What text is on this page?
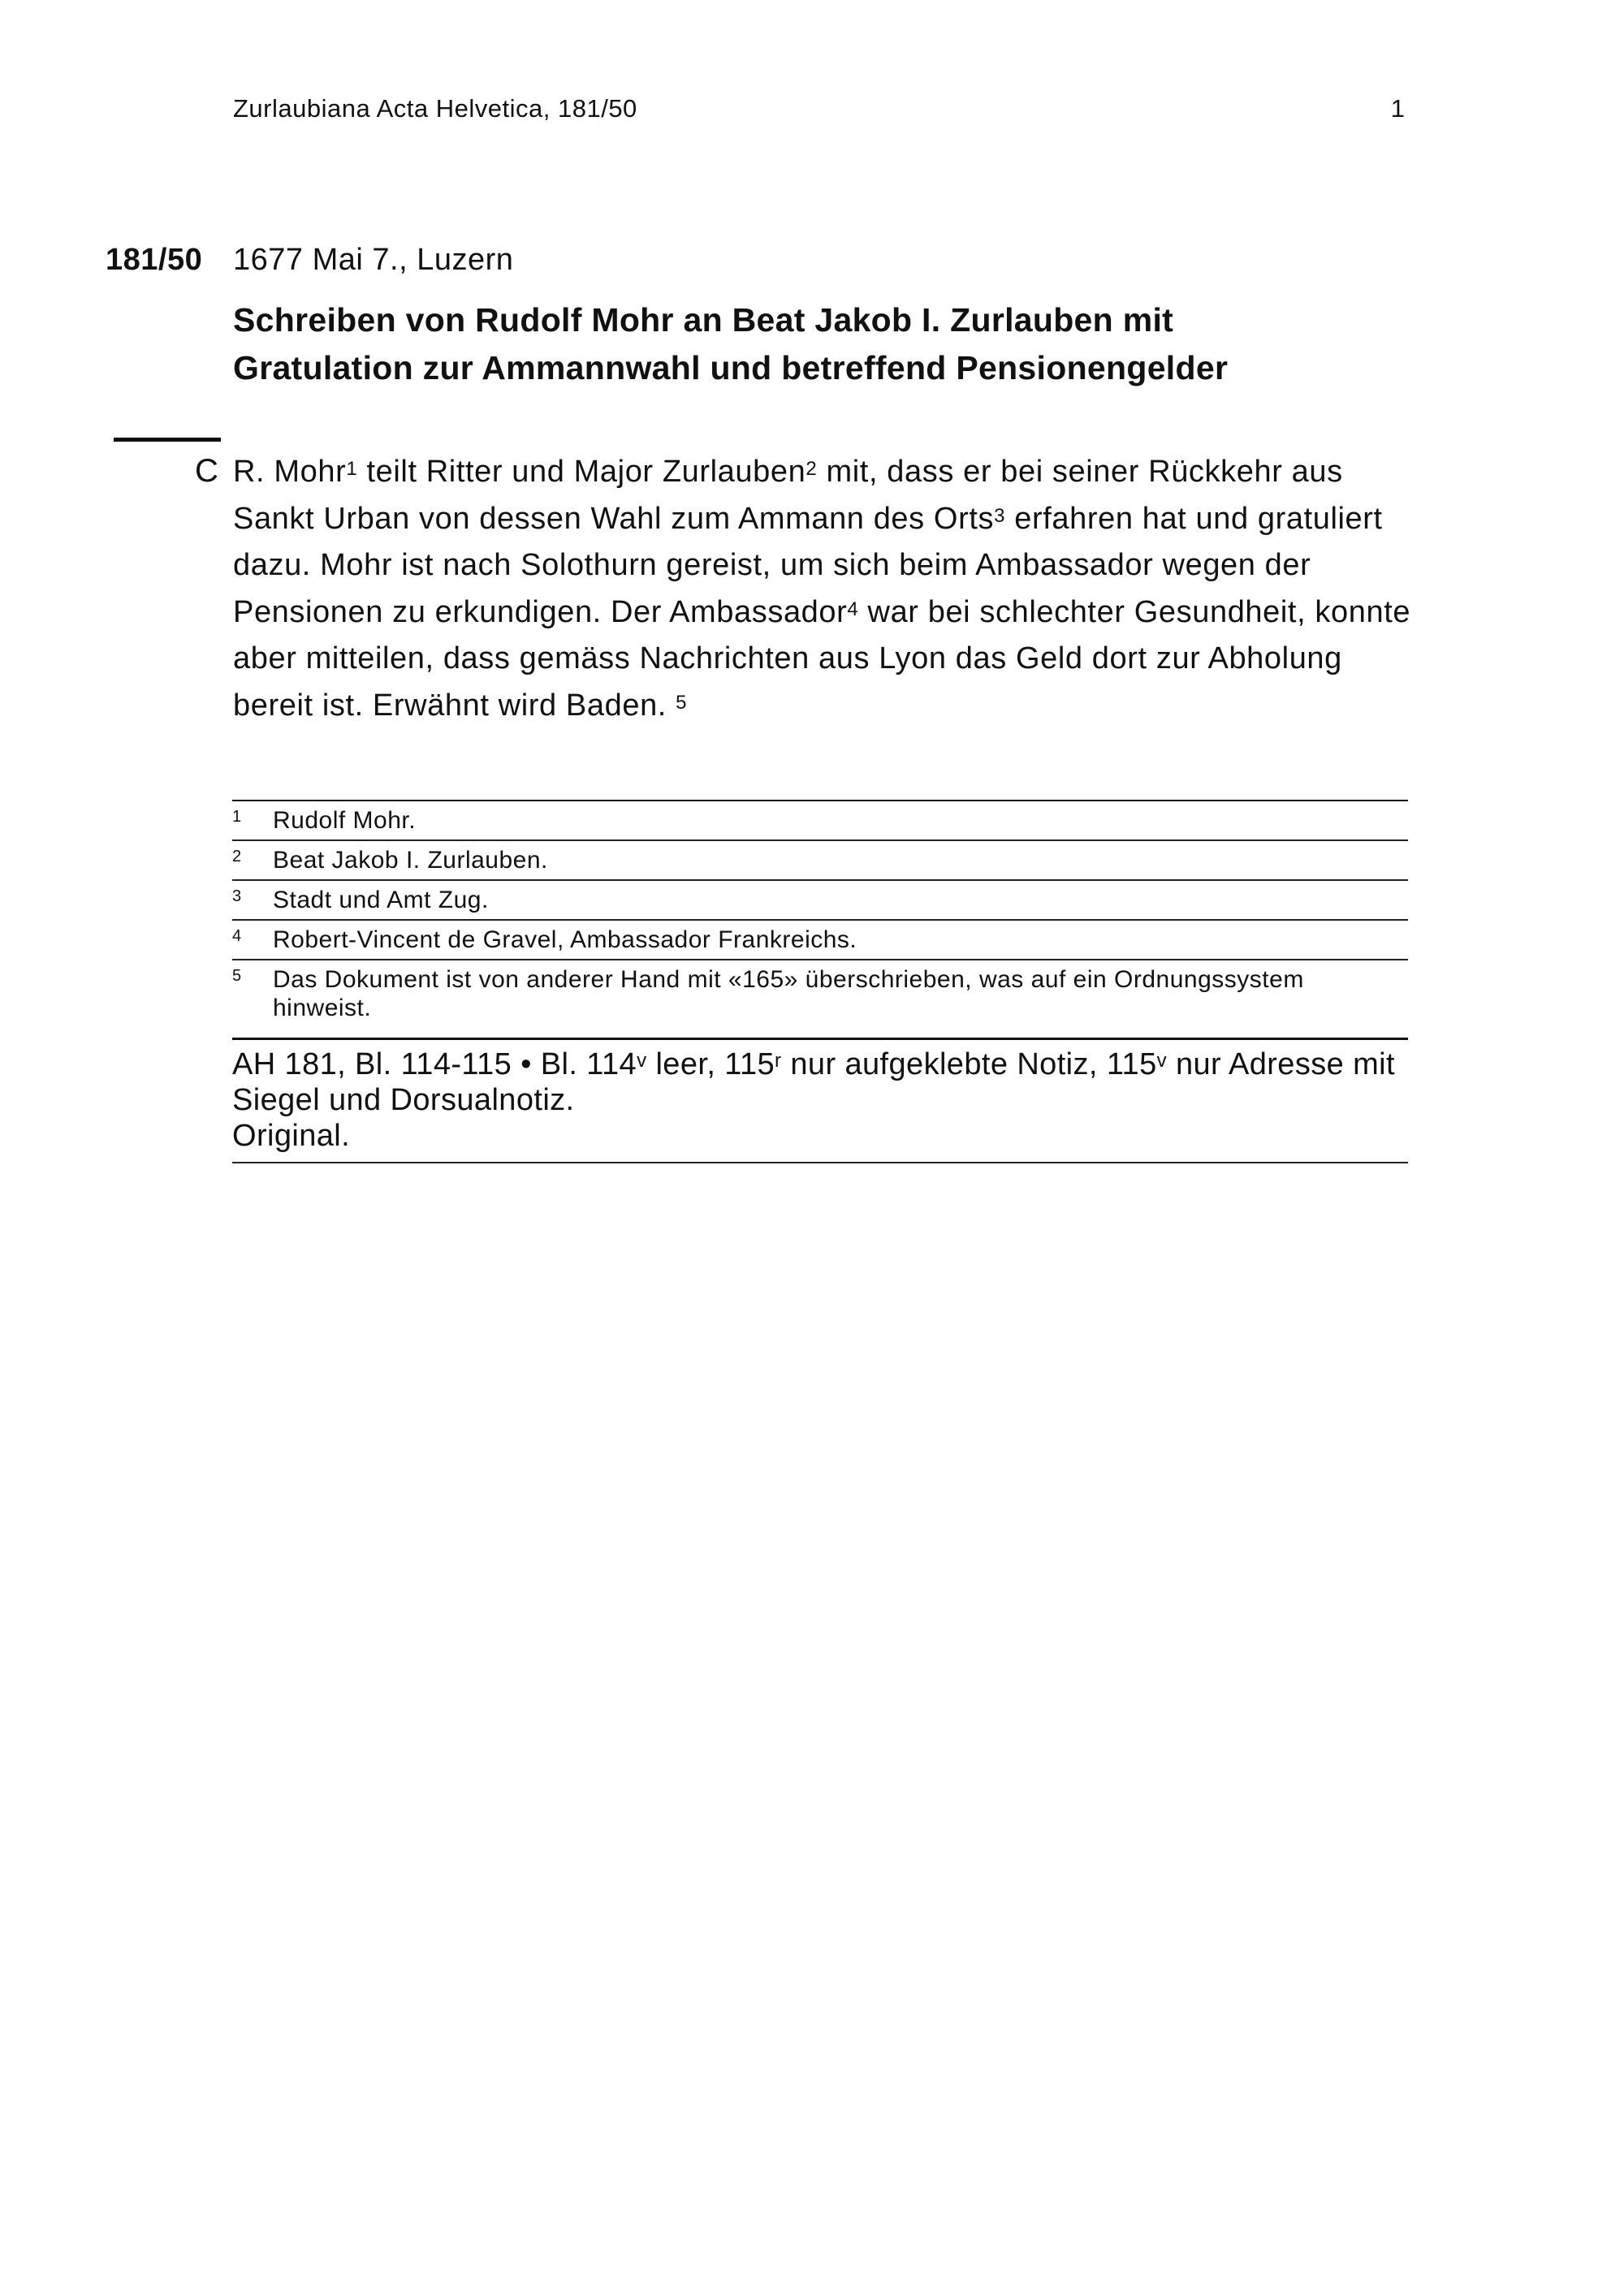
Zurlaubiana Acta Helvetica, 181/50	1
181/50 1677 Mai 7., Luzern
Schreiben von Rudolf Mohr an Beat Jakob I. Zurlauben mit
Gratulation zur Ammannwahl und betreffend Pensionengelder
C R. Mohr$^1$ teilt Ritter und Major Zurlauben$^2$ mit, dass er bei seiner Rückkehr aus Sankt Urban von dessen Wahl zum Ammann des Orts$^3$ erfahren hat und gratuliert dazu. Mohr ist nach Solothurn gereist, um sich beim Ambassador wegen der Pensionen zu erkundigen. Der Ambassador$^4$ war bei schlechter Gesundheit, konnte aber mitteilen, dass gemäss Nachrichten aus Lyon das Geld dort zur Abholung bereit ist. Erwähnt wird Baden. $^5$

1 Rudolf Mohr.
2 Beat Jakob I. Zurlauben.
3 Stadt und Amt Zug.
4 Robert-Vincent de Gravel, Ambassador Frankreichs.
5 Das Dokument ist von anderer Hand mit «165» überschrieben, was auf ein Ordnungssystem hinweist.
AH 181, Bl. 114-115 • Bl. 114$^v$ leer, 115$^r$ nur aufgeklebte Notiz, 115$^v$ nur Adresse mit Siegel und Dorsualnotiz.
Original.
